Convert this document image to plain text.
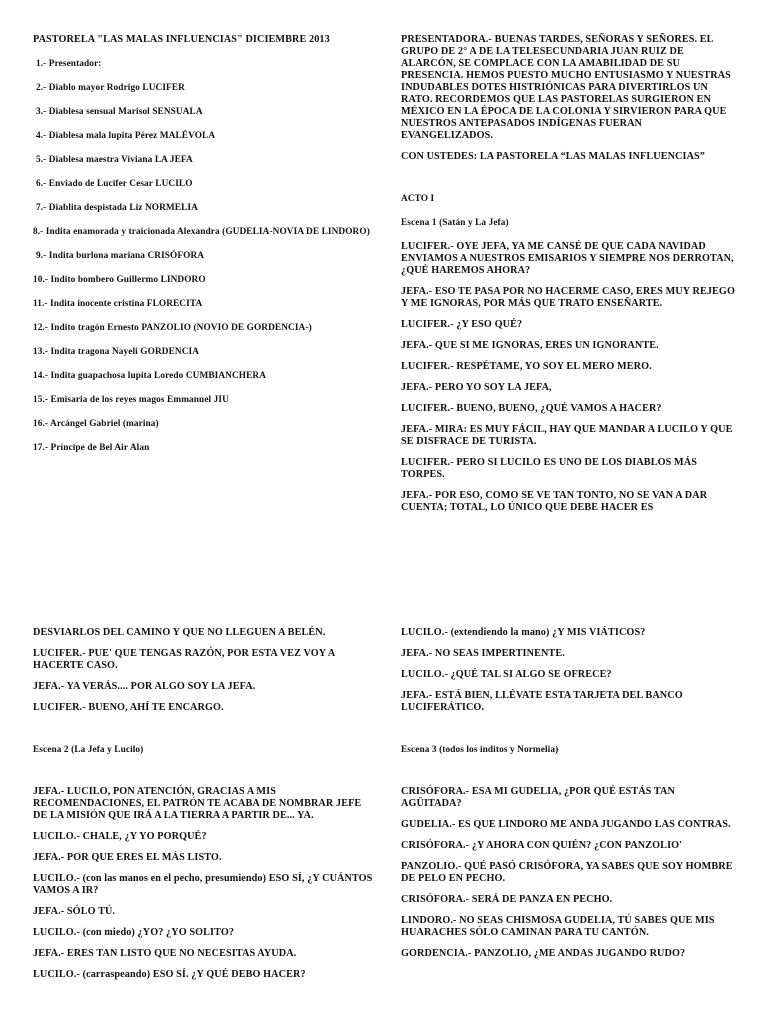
PASTORELA "LAS MALAS INFLUENCIAS" DICIEMBRE 2013

1.- Presentador:

2.- Diablo mayor Rodrigo LUCIFER

3.- Diablesa sensual Marisol SENSUALA

4.- Diablesa mala lupita Pérez MALÉVOLA

5.- Diablesa maestra Viviana LA JEFA

6.- Enviado de Lucifer Cesar LUCILO

7.- Diablita despistada Liz NORMELIA

8.- Indita enamorada y traicionada Alexandra (GUDELIA-NOVIA DE LINDORO)

9.- Indita burlona mariana CRISÓFORA

10.- Indito bombero Guillermo LINDORO

11.- Indita inocente cristina FLORECITA

12.- Indito tragón Ernesto PANZOLIO (NOVIO DE GORDENCIA-)

13.- Indita tragona Nayeli GORDENCIA

14.- Indita guapachosa lupita Loredo CUMBIANCHERA

15.- Emisaria de los reyes magos Emmanuel JIU

16.- Arcángel Gabriel (marina)

17.- Príncipe de Bel Air Alan

PRESENTADORA.- BUENAS TARDES, SEÑORAS Y SEÑORES. EL GRUPO DE 2° A DE LA TELESECUNDARIA JUAN RUIZ DE ALARCÓN, SE COMPLACE CON LA AMABILIDAD DE SU PRESENCIA. HEMOS PUESTO MUCHO ENTUSIASMO Y NUESTRAS INDUDABLES DOTES HISTRIÓNICAS PARA DIVERTIRLOS UN RATO. RECORDEMOS QUE LAS PASTORELAS SURGIERON EN MÉXICO EN LA ÉPOCA DE LA COLONIA Y SIRVIERON PARA QUE NUESTROS ANTEPASADOS INDÍGENAS FUERAN EVANGELIZADOS.

CON USTEDES: LA PASTORELA “LAS MALAS INFLUENCIAS”

ACTO I

Escena 1 (Satán y La Jefa)

LUCIFER.- OYE JEFA, YA ME CANSÉ DE QUE CADA NAVIDAD ENVIAMOS A NUESTROS EMISARIOS Y SIEMPRE NOS DERROTAN, ¿QUÉ HAREMOS AHORA?

JEFA.- ESO TE PASA POR NO HACERME CASO, ERES MUY REJEGO Y ME IGNORAS, POR MÁS QUE TRATO ENSEÑARTE.

LUCIFER.- ¿Y ESO QUÉ?

JEFA.- QUE SI ME IGNORAS, ERES UN IGNORANTE.

LUCIFER.- RESPÉTAME, YO SOY EL MERO MERO.

JEFA.- PERO YO SOY LA JEFA,

LUCIFER.- BUENO, BUENO, ¿QUÉ VAMOS A HACER?

JEFA.- MIRA: ES MUY FÁCIL, HAY QUE MANDAR A LUCILO Y QUE SE DISFRACE DE TURISTA.

LUCIFER.- PERO SI LUCILO ES UNO DE LOS DIABLOS MÁS TORPES.

JEFA.- POR ESO, COMO SE VE TAN TONTO, NO SE VAN A DAR CUENTA; TOTAL, LO ÚNICO QUE DEBE HACER ES

DESVIARLOS DEL CAMINO Y QUE NO LLEGUEN A BELÉN.

LUCIFER.- PUE' QUE TENGAS RAZÓN, POR ESTA VEZ VOY A HACERTE CASO.

JEFA.- YA VERÁS.... POR ALGO SOY LA JEFA.

LUCIFER.- BUENO, AHÍ TE ENCARGO.

Escena 2 (La Jefa y Lucilo)

JEFA.- LUCILO, PON ATENCIÓN, GRACIAS A MIS RECOMENDACIONES, EL PATRÓN TE ACABA DE NOMBRAR JEFE DE LA MISIÓN QUE IRÁ A LA TIERRA A PARTIR DE... YA.

LUCILO.- CHALE, ¿Y YO PORQUÉ?

JEFA.- POR QUE ERES EL MÁS LISTO.

LUCILO.- (con las manos en el pecho, presumiendo) ESO SÍ, ¿Y CUÁNTOS VAMOS A IR?

JEFA.- SÓLO TÚ.

LUCILO.- (con miedo) ¿YO? ¿YO SOLITO?

JEFA.- ERES TAN LISTO QUE NO NECESITAS AYUDA.

LUCILO.- (carraspeando) ESO SÍ. ¿Y QUÉ DEBO HACER?

LUCILO.- (extendiendo la mano) ¿Y MIS VIÁTICOS?

JEFA.- NO SEAS IMPERTINENTE.

LUCILO.- ¿QUÉ TAL SI ALGO SE OFRECE?

JEFA.- ESTÁ BIEN, LLÉVATE ESTA TARJETA DEL BANCO LUCIFERÁTICO.

Escena 3 (todos los inditos y Normelia)

CRISÓFORA.- ESA MI GUDELIA, ¿POR QUÉ ESTÁS TAN AGÜITADA?

GUDELIA.- ES QUE LINDORO ME ANDA JUGANDO LAS CONTRAS.

CRISÓFORA.- ¿Y AHORA CON QUIÉN? ¿CON PANZOLIO'

PANZOLIO.- QUÉ PASÓ CRISÓFORA, YA SABES QUE SOY HOMBRE DE PELO EN PECHO.

CRISÓFORA.- SERÁ DE PANZA EN PECHO.

LINDORO.- NO SEAS CHISMOSA GUDELIA, TÚ SABES QUE MIS HUARACHES SÓLO CAMINAN PARA TU CANTÓN.

GORDENCIA.- PANZOLIO, ¿ME ANDAS JUGANDO RUDO?
